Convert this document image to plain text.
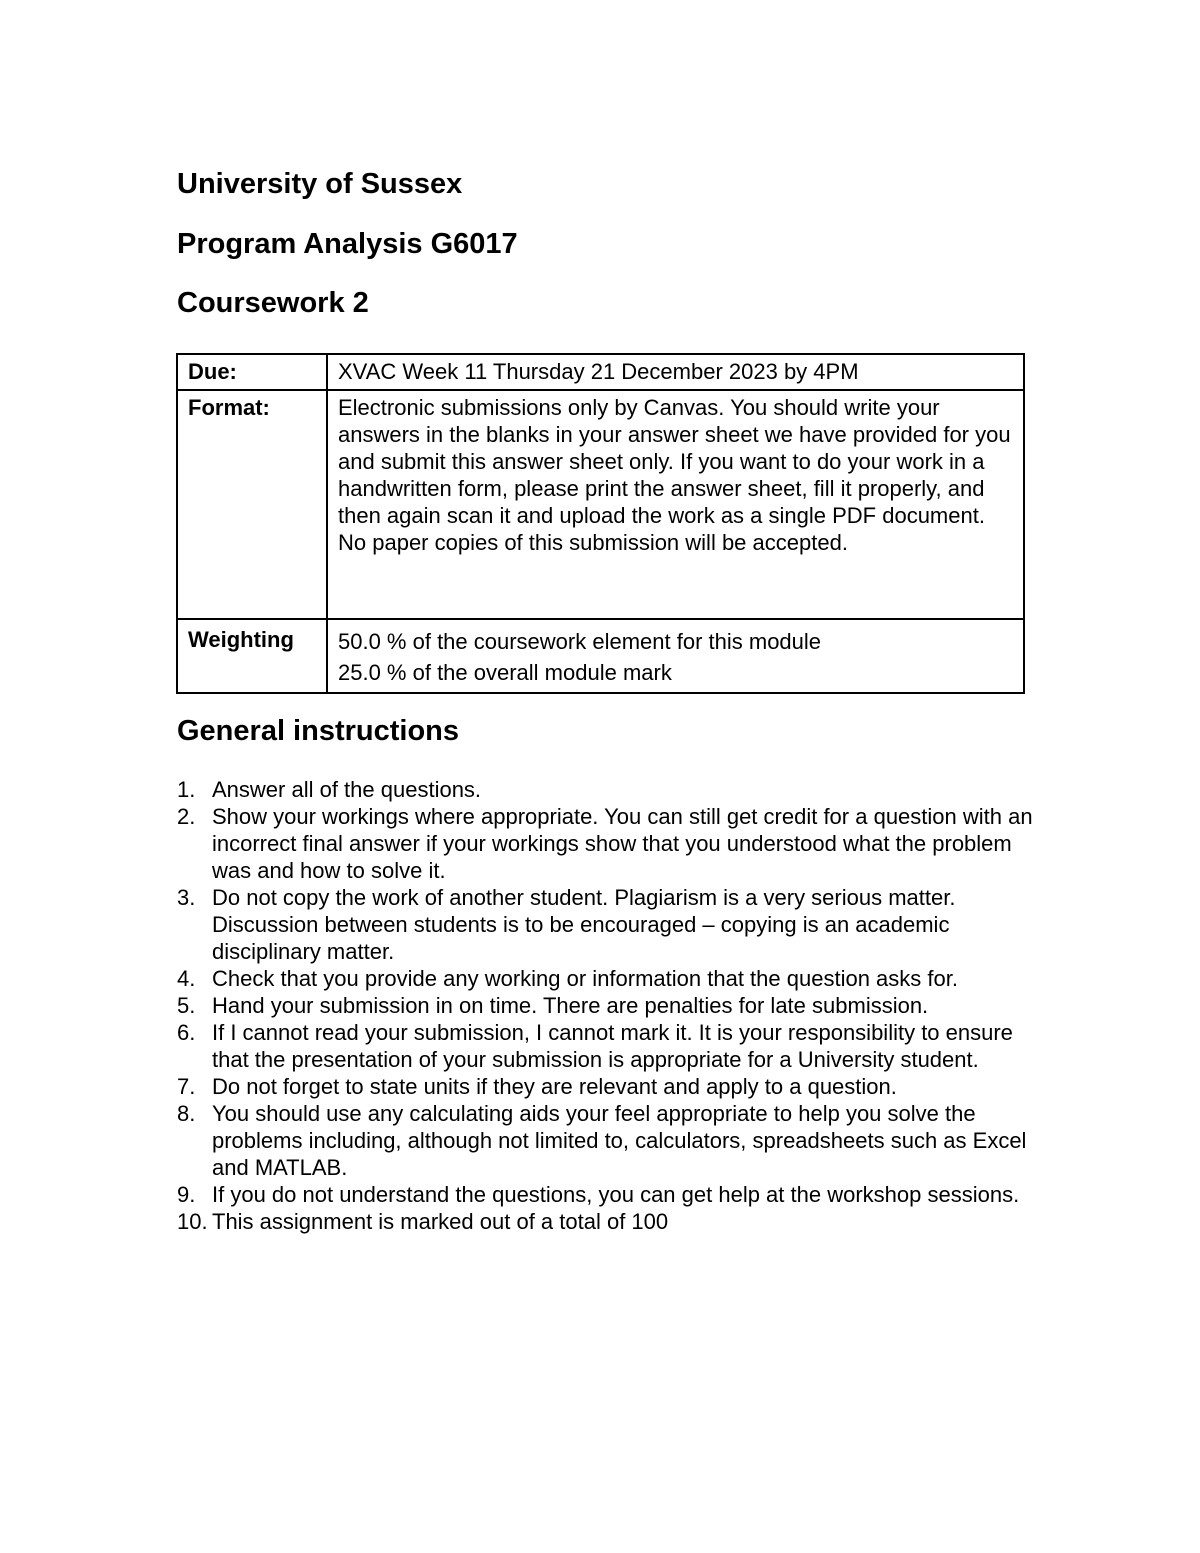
University of Sussex
Program Analysis G6017
Coursework 2
Due:	XVAC Week 11 Thursday 21 December 2023 by 4PM
Format:	Electronic submissions only by Canvas. You should write your answers in the blanks in your answer sheet we have provided for you and submit this answer sheet only. If you want to do your work in a handwritten form, please print the answer sheet, fill it properly, and then again scan it and upload the work as a single PDF document. No paper copies of this submission will be accepted.
Weighting	50.0 % of the coursework element for this module
25.0 % of the overall module mark
General instructions
1. Answer all of the questions.
2. Show your workings where appropriate. You can still get credit for a question with an incorrect final answer if your workings show that you understood what the problem was and how to solve it.
3. Do not copy the work of another student. Plagiarism is a very serious matter. Discussion between students is to be encouraged – copying is an academic disciplinary matter.
4. Check that you provide any working or information that the question asks for.
5. Hand your submission in on time. There are penalties for late submission.
6. If I cannot read your submission, I cannot mark it. It is your responsibility to ensure that the presentation of your submission is appropriate for a University student.
7. Do not forget to state units if they are relevant and apply to a question.
8. You should use any calculating aids your feel appropriate to help you solve the problems including, although not limited to, calculators, spreadsheets such as Excel and MATLAB.
9. If you do not understand the questions, you can get help at the workshop sessions.
10. This assignment is marked out of a total of 100
